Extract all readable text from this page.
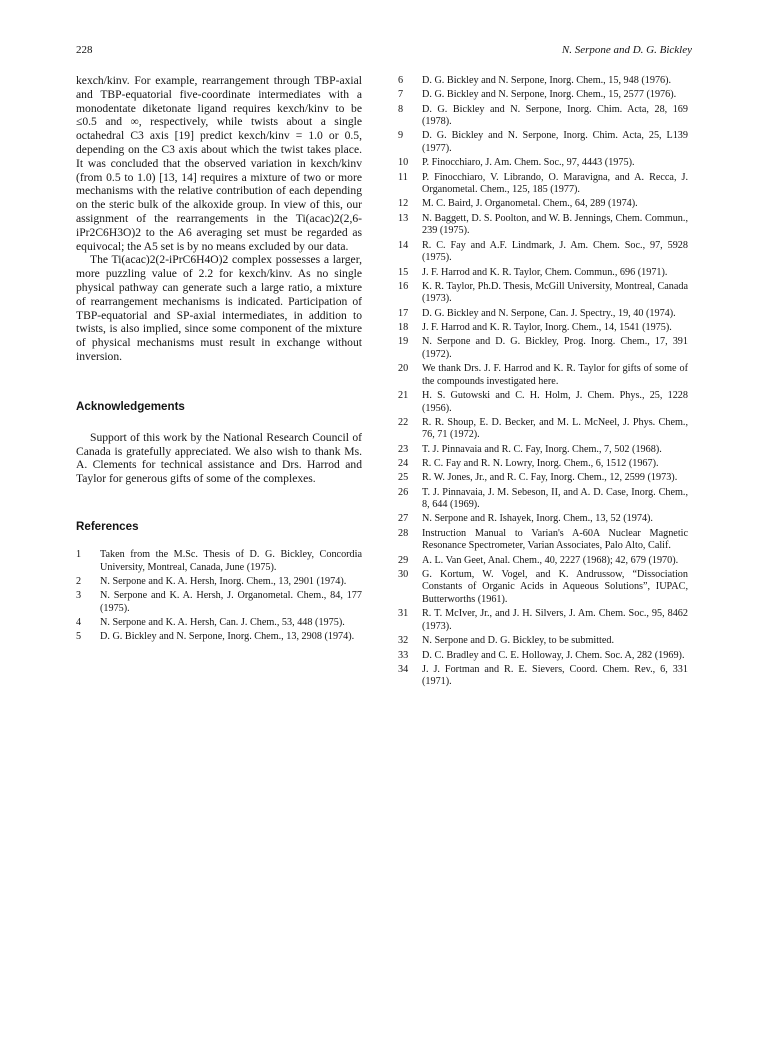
228	N. Serpone and D. G. Bickley

kexch/kinv. For example, rearrangement through TBP-axial and TBP-equatorial five-coordinate intermediates with a monodentate diketonate ligand requires kexch/kinv to be ≤0.5 and ∞, respectively, while twists about a single octahedral C3 axis [19] predict kexch/kinv = 1.0 or 0.5, depending on the C3 axis about which the twist takes place. It was concluded that the observed variation in kexch/kinv (from 0.5 to 1.0) [13, 14] requires a mixture of two or more mechanisms with the relative contribution of each depending on the steric bulk of the alkoxide group. In view of this, our assignment of the rearrangements in the Ti(acac)2(2,6-iPr2C6H3O)2 to the A6 averaging set must be regarded as equivocal; the A5 set is by no means excluded by our data.

The Ti(acac)2(2-iPrC6H4O)2 complex possesses a larger, more puzzling value of 2.2 for kexch/kinv. As no single physical pathway can generate such a large ratio, a mixture of rearrangement mechanisms is indicated. Participation of TBP-equatorial and SP-axial intermediates, in addition to twists, is also implied, since some component of the mixture of physical mechanisms must result in exchange without inversion.

Acknowledgements

Support of this work by the National Research Council of Canada is gratefully appreciated. We also wish to thank Ms. A. Clements for technical assistance and Drs. Harrod and Taylor for generous gifts of some of the complexes.

References
1	Taken from the M.Sc. Thesis of D. G. Bickley, Concordia University, Montreal, Canada, June (1975).
2	N. Serpone and K. A. Hersh, Inorg. Chem., 13, 2901 (1974).
3	N. Serpone and K. A. Hersh, J. Organometal. Chem., 84, 177 (1975).
4	N. Serpone and K. A. Hersh, Can. J. Chem., 53, 448 (1975).
5	D. G. Bickley and N. Serpone, Inorg. Chem., 13, 2908 (1974).
6	D. G. Bickley and N. Serpone, Inorg. Chem., 15, 948 (1976).
7	D. G. Bickley and N. Serpone, Inorg. Chem., 15, 2577 (1976).
8	D. G. Bickley and N. Serpone, Inorg. Chim. Acta, 28, 169 (1978).
9	D. G. Bickley and N. Serpone, Inorg. Chim. Acta, 25, L139 (1977).
10	P. Finocchiaro, J. Am. Chem. Soc., 97, 4443 (1975).
11	P. Finocchiaro, V. Librando, O. Maravigna, and A. Recca, J. Organometal. Chem., 125, 185 (1977).
12	M. C. Baird, J. Organometal. Chem., 64, 289 (1974).
13	N. Baggett, D. S. Poolton, and W. B. Jennings, Chem. Commun., 239 (1975).
14	R. C. Fay and A.F. Lindmark, J. Am. Chem. Soc., 97, 5928 (1975).
15	J. F. Harrod and K. R. Taylor, Chem. Commun., 696 (1971).
16	K. R. Taylor, Ph.D. Thesis, McGill University, Montreal, Canada (1973).
17	D. G. Bickley and N. Serpone, Can. J. Spectry., 19, 40 (1974).
18	J. F. Harrod and K. R. Taylor, Inorg. Chem., 14, 1541 (1975).
19	N. Serpone and D. G. Bickley, Prog. Inorg. Chem., 17, 391 (1972).
20	We thank Drs. J. F. Harrod and K. R. Taylor for gifts of some of the compounds investigated here.
21	H. S. Gutowski and C. H. Holm, J. Chem. Phys., 25, 1228 (1956).
22	R. R. Shoup, E. D. Becker, and M. L. McNeel, J. Phys. Chem., 76, 71 (1972).
23	T. J. Pinnavaia and R. C. Fay, Inorg. Chem., 7, 502 (1968).
24	R. C. Fay and R. N. Lowry, Inorg. Chem., 6, 1512 (1967).
25	R. W. Jones, Jr., and R. C. Fay, Inorg. Chem., 12, 2599 (1973).
26	T. J. Pinnavaia, J. M. Sebeson, II, and A. D. Case, Inorg. Chem., 8, 644 (1969).
27	N. Serpone and R. Ishayek, Inorg. Chem., 13, 52 (1974).
28	Instruction Manual to Varian's A-60A Nuclear Magnetic Resonance Spectrometer, Varian Associates, Palo Alto, Calif.
29	A. L. Van Geet, Anal. Chem., 40, 2227 (1968); 42, 679 (1970).
30	G. Kortum, W. Vogel, and K. Andrussow, “Dissociation Constants of Organic Acids in Aqueous Solutions”, IUPAC, Butterworths (1961).
31	R. T. McIver, Jr., and J. H. Silvers, J. Am. Chem. Soc., 95, 8462 (1973).
32	N. Serpone and D. G. Bickley, to be submitted.
33	D. C. Bradley and C. E. Holloway, J. Chem. Soc. A, 282 (1969).
34	J. J. Fortman and R. E. Sievers, Coord. Chem. Rev., 6, 331 (1971).
